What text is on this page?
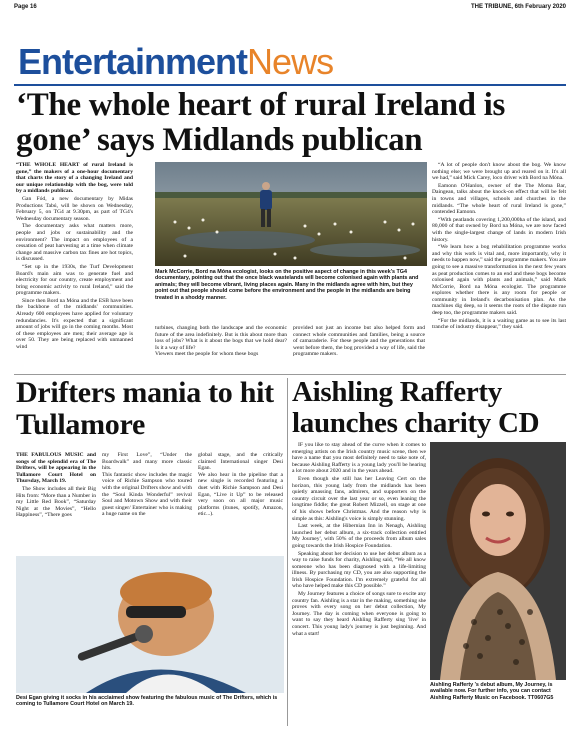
Page 16	THE TRIBUNE, 6th February 2020
EntertainmentNews
‘The whole heart of rural Ireland is gone’ says Midlands publican

“THE WHOLE HEART of rural Ireland is gone,” the makers of a one-hour documentary that charts the story of a changing Ireland and our unique relationship with the bog, were told by a midlands publican.

Gan Fód, a new documentary by Midas Productions Tabú, will be shown on Wednesday, February 5, on TG4 at 9.30pm, as part of TG4's Wednesday documentary season.

The documentary asks what matters more, people and jobs or sustainability and the environment? The impact on employees of a cessation of peat harvesting at a time when climate change and massive carbon tax fines are hot topics, is discussed.

“Set up in the 1930s, the Turf Development Board's main aim was to generate fuel and electricity for our country, create employment and bring economic activity to rural Ireland,” said the programme makers.

Since then Bord na Móna and the ESB have been the backbone of the midlands' communities. Already 600 employees have applied for voluntary redundancies. It's expected that a significant amount of jobs will go in the coming months. Most of these employees are men; their average age is over 50. They are being replaced with unmanned wind

Mark McCorrie, Bord na Móna ecologist, looks on the positive aspect of change in this week's TG4 documentary, pointing out that the once black wastelands will become colonised again with plants and animals; they will become vibrant, living places again. Many in the midlands agree with him, but they point out that people should come before the environment and the people in the midlands are being treated in a shoddy manner.
turbines, changing both the landscape and the economic future of the area indefinitely. But is this about more than loss of jobs? What is it about the bogs that we hold dear? Is it a way of life?
Viewers meet the people for whom these bogs
provided not just an income but also helped form and connect whole communities and families, being a source of camaraderie. For these people and the generations that went before them, the bog provided a way of life, said the programme makers.

“A lot of people don't know about the bog. We know nothing else; we were brought up and reared on it. It's all we had,” said Mick Carey, loco driver with Bord na Móna.

Eamonn O'Hanlon, owner of the The Moma Bar, Daingean, talks about the knock-on effect that will be felt in towns and villages, schools and churches in the midlands. “The whole heart of rural Ireland is gone,” contended Eamonn.

“With peatlands covering 1,200,000ha of the island, and 80,000 of that owned by Bord na Móna, we are now faced with the single-largest change of lands in modern Irish history.

“We learn how a bog rehabilitation programme works and why this work is vital and, more importantly, why it needs to happen now,” said the programme makers. You are going to see a massive transformation in the next few years as peat production comes to an end and these bogs become colonised again with plants and animals,” said Mark McCorrie, Bord na Móna ecologist. The programme explores whether there is any room for people or community in Ireland's decarbonisation plan. As the machines dig deep, so it seems the roots of the dispute run deep too, the programme makers said.

“For the midlands, it is a waiting game as to see its last tranche of industry disappear,” they said.

Drifters mania to hit Tullamore

THE FABULOUS MUSIC and songs of the splendid era of The Drifters, will be appearing in the Tullamore Court Hotel on Thursday, March 19.

The Show includes all their Big Hits from: “More than a Number in my Little Red Book”, “Saturday Night at the Movies”, “Hello Happiness”, “There goes

my First Love”, “Under the Boardwalk” and many more classic hits.
This fantastic show includes the magic voice of Richie Sampson who toured with the original Drifters show and with the “Soul Kinda Wonderful” revival Soul and Motown Show and with their guest singer/ Entertainer who is making a huge name on the
global stage, and the critically claimed International singer Desi Egan.
We also hear in the pipeline that a new single is recorded featuring a duet with Richie Sampson and Desi Egan, “Live it Up” to be released very soon on all major music platforms (itunes, spotify, Amazon, etic...).
Desi Egan giving it socks in his acclaimed show featuring the fabulous music of The Drifters, which is coming to Tullamore Court Hotel on March 19.
Aishling Rafferty launches charity CD

IF you like to stay ahead of the curve when it comes to emerging artists on the Irish country music scene, then we have a name that you most definitely need to take note of, because Aishling Rafferty is a young lady you'll be hearing a lot more about 2020 and in the years ahead.

Even though she still has her Leaving Cert on the horizon, this young lady from the midlands has been quietly amassing fans, admirers, and supporters on the country circuit over the last year or so, even leaning the longtime fiddle; the great Robert Mizzell, on stage at one of his shows before Christmas. And the reason why is simple as this: Aishling's voice is simply stunning.

Last week, at the Hibernian Inn in Nenagh, Aishling launched her debut album, a six-track collection entitled My Journey', with 50% of the proceeds from album sales going towards the Irish Hospice Foundation.

Speaking about her decision to use her debut album as a way to raise funds for charity, Aishling said, “We all know someone who has been diagnosed with a life-limiting illness. By purchasing my CD, you are also supporting the Irish Hospice Foundation. I'm extremely grateful for all who have helped make this CD possible.”

My Journey features a choice of songs sure to excite any country fan. Aishling is a star in the making, something she proves with every song on her debut collection, My Journey. The day is coming when everyone is going to want to say they heard Aishling Rafferty sing 'live' in concert. This young lady's journey is just beginning. And what a start!

Aishling Rafferty 's debut album, My Journey, is available now. For further info, you can contact Aishling Rafferty Music on Facebook. TT0607G5
